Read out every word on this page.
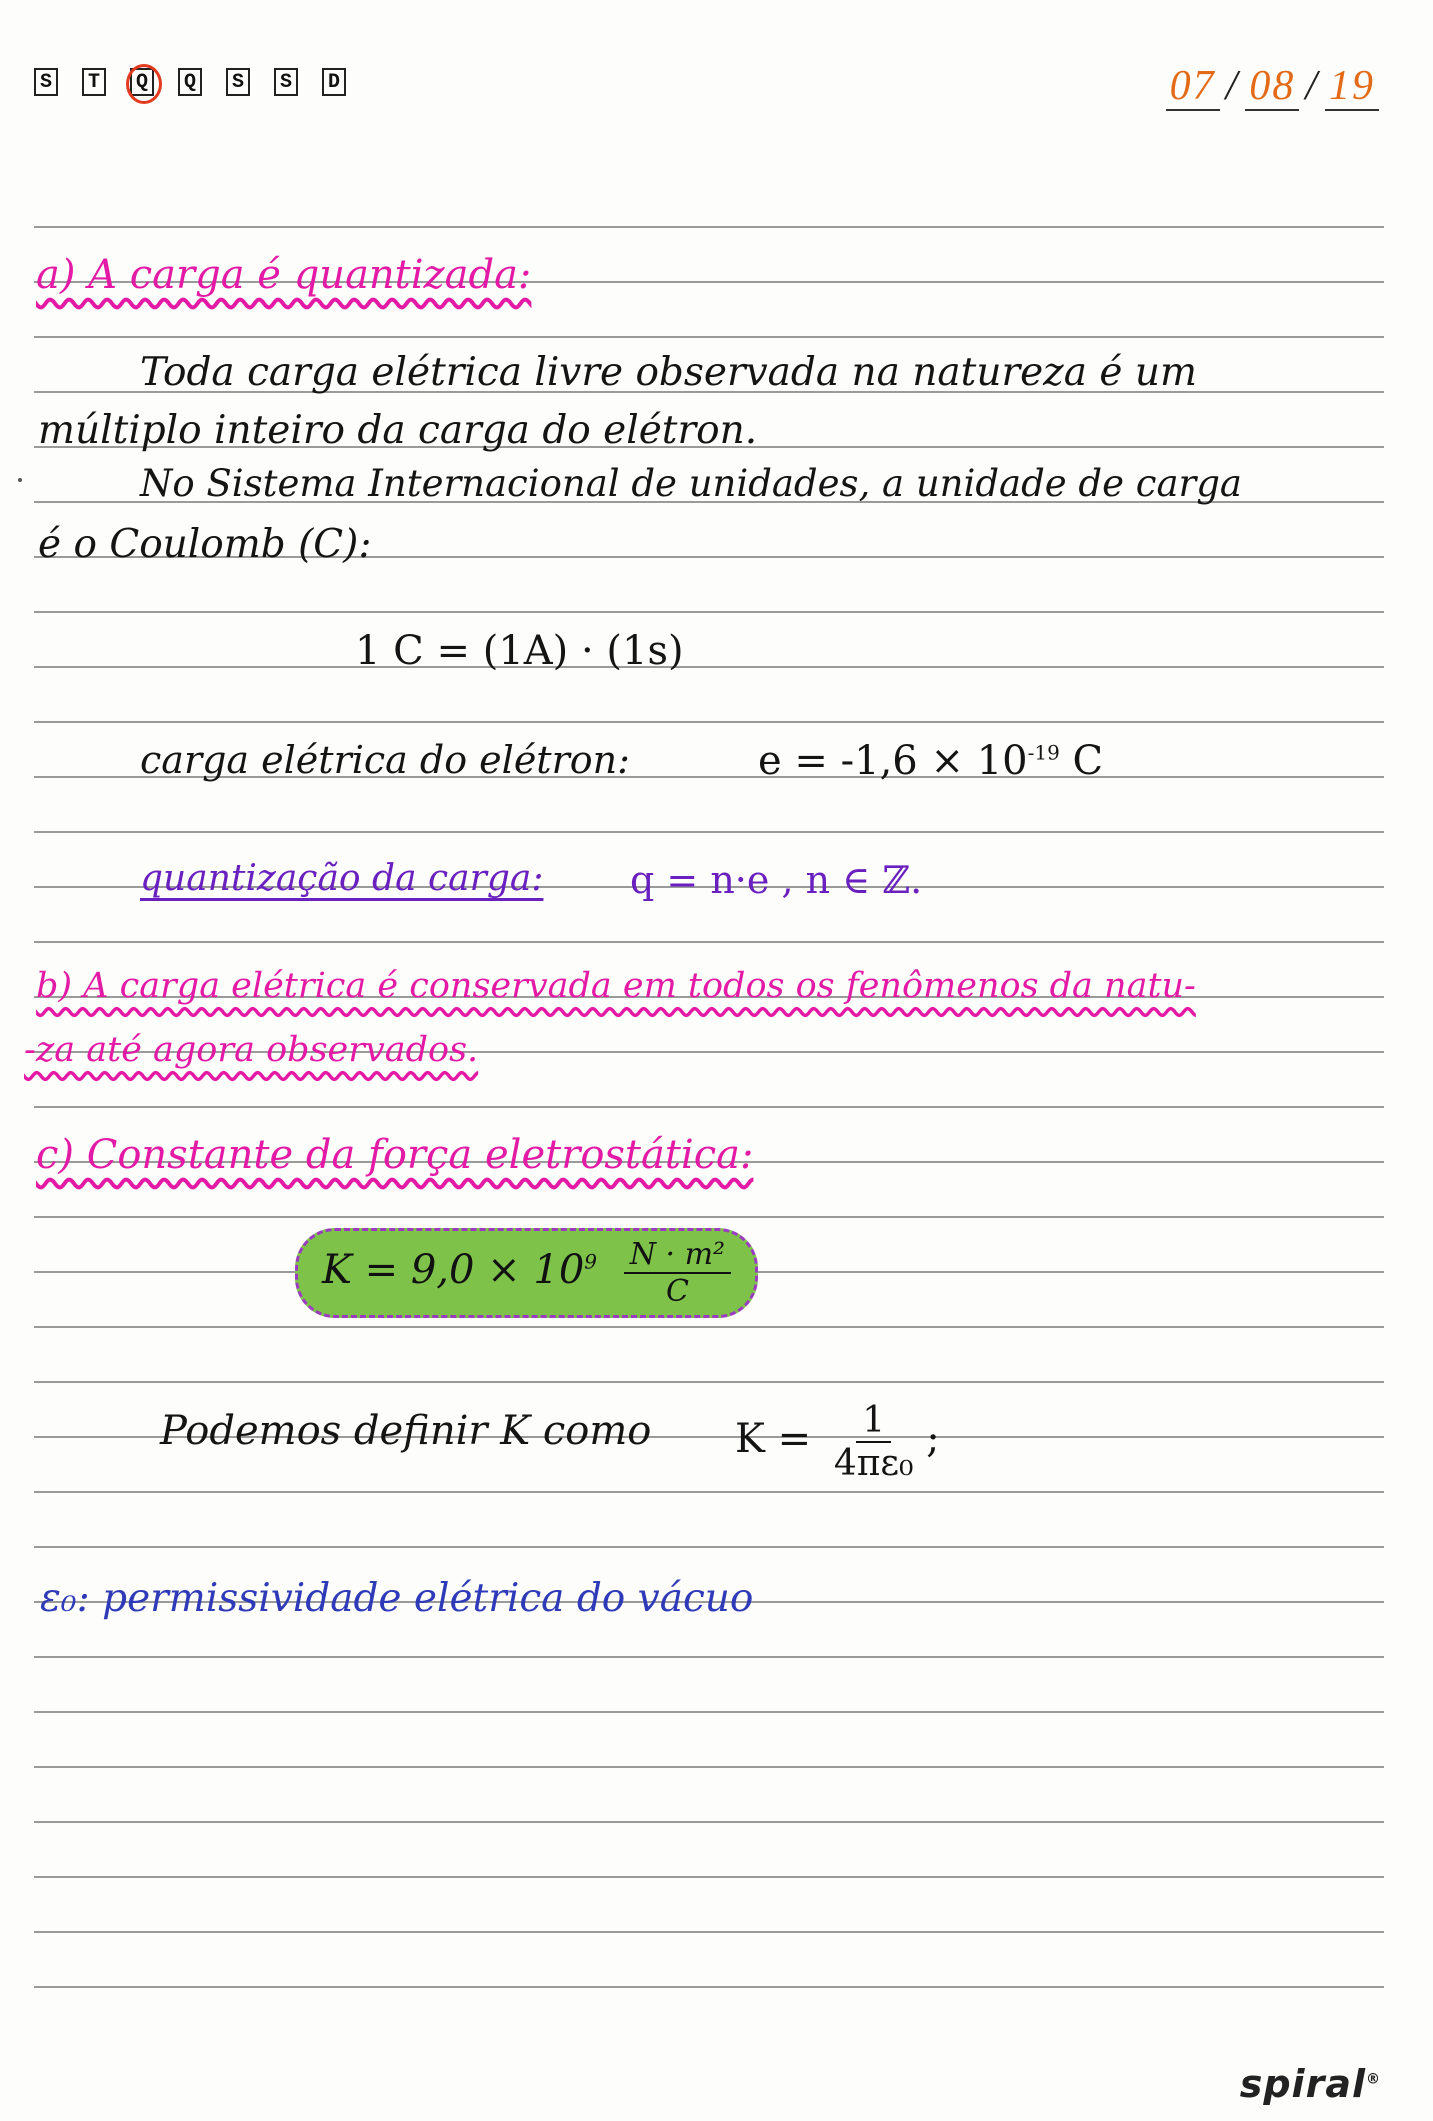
S	T	Q	Q	S	S	D	07 / 08 / 19
a) A carga é quantizada:
Toda carga elétrica livre observada na natureza é um
múltiplo inteiro da carga do elétron.
No Sistema Internacional de unidades, a unidade de carga
é o Coulomb (C):
1 C = (1A) · (1s)
carga elétrica do elétron:	$e = -1,6 \times 10^{-19}$ C
quantização da carga: q = n·e , n ∈ ℤ.
b) A carga elétrica é conservada em todos os fenômenos da natu-
-za até agora observados.
c) Constante da força eletrostática:
$K = 9,0 \times 10^9 \frac{\text{N · m²}}{C}$
Podemos definir K como $K = \frac{1}{\text{4πε₀}}$ ;
ε₀: permissividade elétrica do vácuo
spiral®
